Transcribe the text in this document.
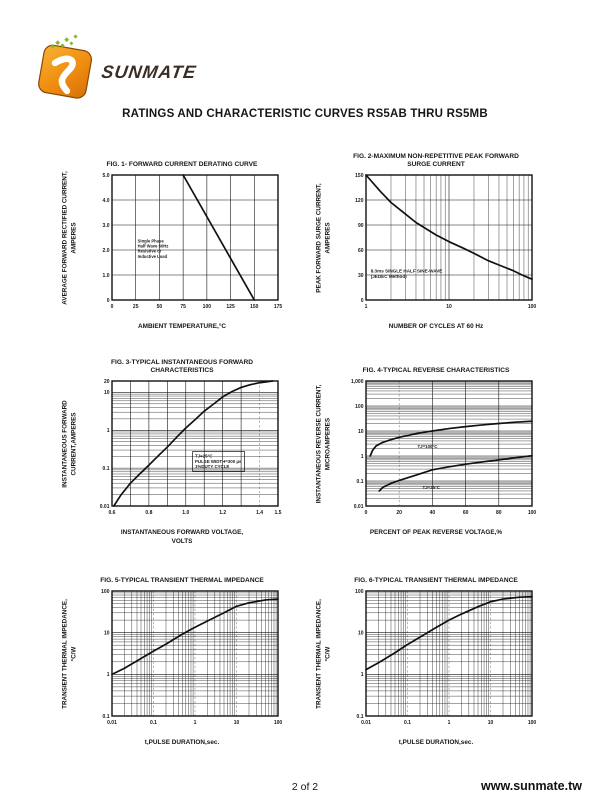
sunmate
RATINGS AND CHARACTERISTIC CURVES RS5AB THRU RS5MB
AVERAGE FORWARD RECTIFIED CURRENT, AMPERES
FIG. 1- FORWARD CURRENT DERATING CURVE
0	25	50	75	100	125	150	175
0
1.0
2.0
3.0
4.0
5.0
Single Phase
Half Wave 60Hz
Resistive or
Inductive Load
AMBIENT TEMPERATURE,°C
PEAK FORWARD SURGE CURRENT, AMPERES
FIG. 2-MAXIMUM NON-REPETITIVE PEAK FORWARD
SURGE CURRENT
1	10	100
0
30
60
90
120
150
8.3ms SINGLE HALF SINE-WAVE
(JEDEC Method)
NUMBER OF CYCLES AT 60 Hz
INSTANTANEOUS FORWARD CURRENT,AMPERES
FIG. 3-TYPICAL INSTANTANEOUS FORWARD
CHARACTERISTICS
0.6	0.8	1.0	1.2	1.4 1.5
0.01
0.1
1
10
20
TJ=25°C
PULSE WIDTH=300 μs
1%DUTY CYCLE
INSTANTANEOUS FORWARD VOLTAGE,
VOLTS
INSTANTANEOUS REVERSE CURRENT, MICROAMPERES
FIG. 4-TYPICAL REVERSE CHARACTERISTICS
0	20	40	60	80	100
0.01
0.1
1
10
100
1,000
TJ=100°C
TJ=25°C
PERCENT OF PEAK REVERSE VOLTAGE,%
TRANSIENT THERMAL IMPEDANCE, °C/W
FIG. 5-TYPICAL TRANSIENT THERMAL IMPEDANCE
0.01	0.1	1	10	100
0.1
1
10
100
t,PULSE DURATION,sec.
TRANSIENT THERMAL IMPEDANCE, °C/W
FIG. 6-TYPICAL TRANSIENT THERMAL IMPEDANCE
0.01	0.1	1	10	100
0.1
1
10
100
t,PULSE DURATION,sec.
2 of 2	www.sunmate.tw
